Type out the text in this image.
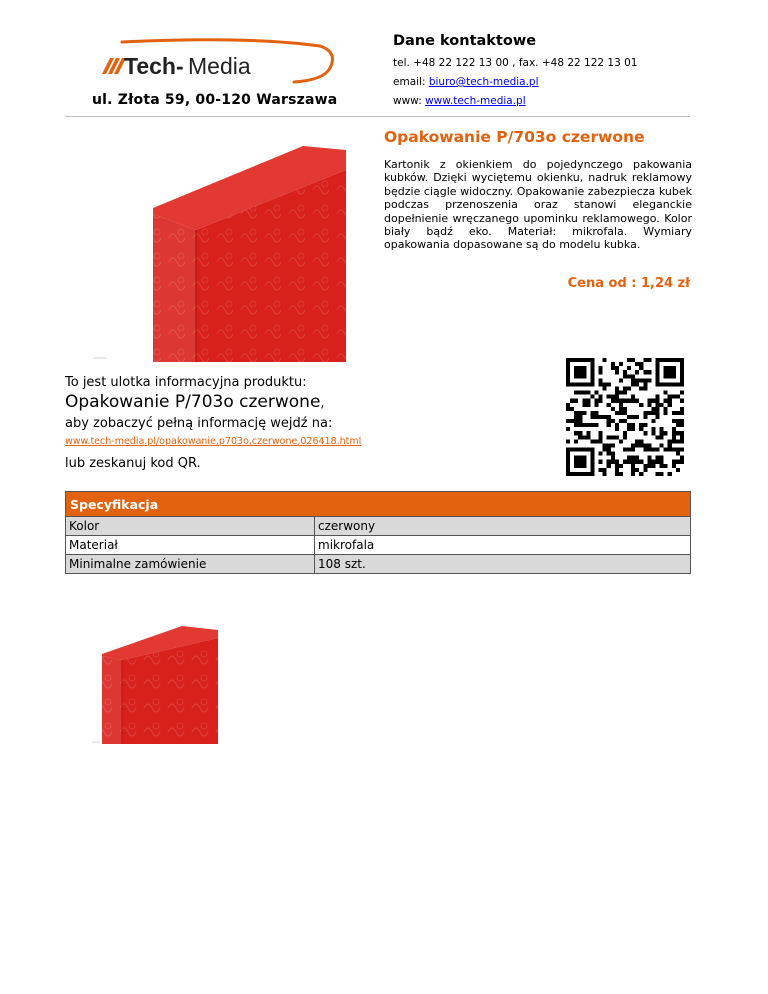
Tech- Media
ul. Złota 59, 00-120 Warszawa
Dane kontaktowe
tel. +48 22 122 13 00 , fax. +48 22 122 13 01
email: biuro@tech-media.pl
www: www.tech-media.pl
Opakowanie P/703o czerwone
Kartonik z okienkiem do pojedynczego pakowania kubków. Dzięki wyciętemu okienku, nadruk reklamowy będzie ciągle widoczny. Opakowanie zabezpiecza kubek podczas przenoszenia oraz stanowi eleganckie dopełnienie wręczanego upominku reklamowego. Kolor biały bądź eko. Materiał: mikrofala. Wymiary opakowania dopasowane są do modelu kubka.
Cena od : 1,24 zł
To jest ulotka informacyjna produktu:
Opakowanie P/703o czerwone,
aby zobaczyć pełną informację wejdź na:
www.tech-media.pl/opakowanie,p703o,czerwone,026418.html
lub zeskanuj kod QR.
Specyfikacja	
Kolor	czerwony
Materiał	mikrofala
Minimalne zamówienie	108 szt.
